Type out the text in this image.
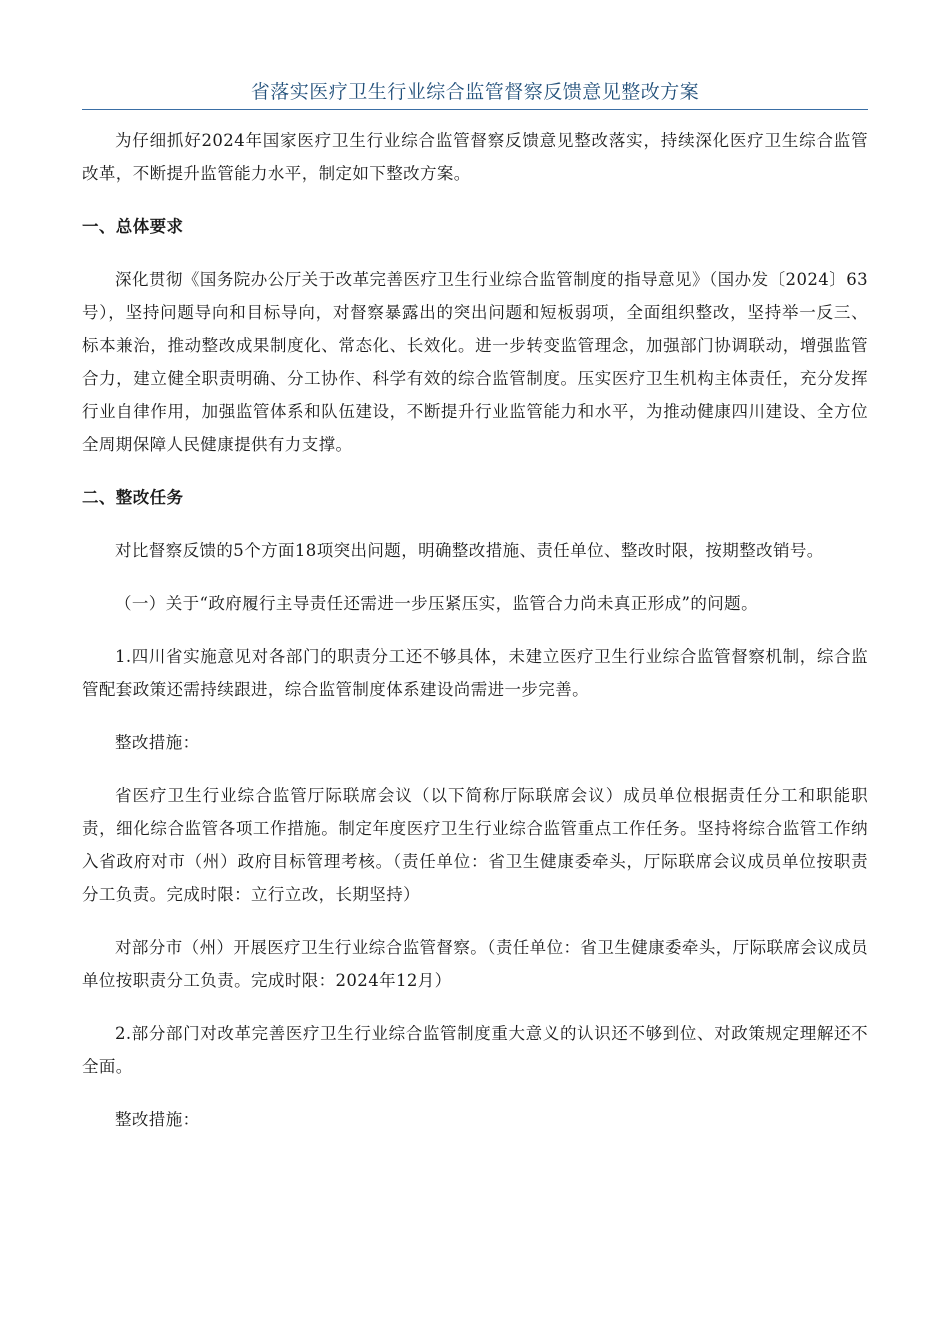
省落实医疗卫生行业综合监管督察反馈意见整改方案

为仔细抓好2024年国家医疗卫生行业综合监管督察反馈意见整改落实，持续深化医疗卫生综合监管改革，不断提升监管能力水平，制定如下整改方案。

一、总体要求

深化贯彻《国务院办公厅关于改革完善医疗卫生行业综合监管制度的指导意见》（国办发〔2024〕63号），坚持问题导向和目标导向，对督察暴露出的突出问题和短板弱项，全面组织整改，坚持举一反三、标本兼治，推动整改成果制度化、常态化、长效化。进一步转变监管理念，加强部门协调联动，增强监管合力，建立健全职责明确、分工协作、科学有效的综合监管制度。压实医疗卫生机构主体责任，充分发挥行业自律作用，加强监管体系和队伍建设，不断提升行业监管能力和水平，为推动健康四川建设、全方位全周期保障人民健康提供有力支撑。

二、整改任务

对比督察反馈的5个方面18项突出问题，明确整改措施、责任单位、整改时限，按期整改销号。

（一）关于“政府履行主导责任还需进一步压紧压实，监管合力尚未真正形成”的问题。

1.四川省实施意见对各部门的职责分工还不够具体，未建立医疗卫生行业综合监管督察机制，综合监管配套政策还需持续跟进，综合监管制度体系建设尚需进一步完善。

整改措施：

省医疗卫生行业综合监管厅际联席会议（以下简称厅际联席会议）成员单位根据责任分工和职能职责，细化综合监管各项工作措施。制定年度医疗卫生行业综合监管重点工作任务。坚持将综合监管工作纳入省政府对市（州）政府目标管理考核。（责任单位：省卫生健康委牵头，厅际联席会议成员单位按职责分工负责。完成时限：立行立改，长期坚持）

对部分市（州）开展医疗卫生行业综合监管督察。（责任单位：省卫生健康委牵头，厅际联席会议成员单位按职责分工负责。完成时限：2024年12月）

2.部分部门对改革完善医疗卫生行业综合监管制度重大意义的认识还不够到位、对政策规定理解还不全面。

整改措施：
